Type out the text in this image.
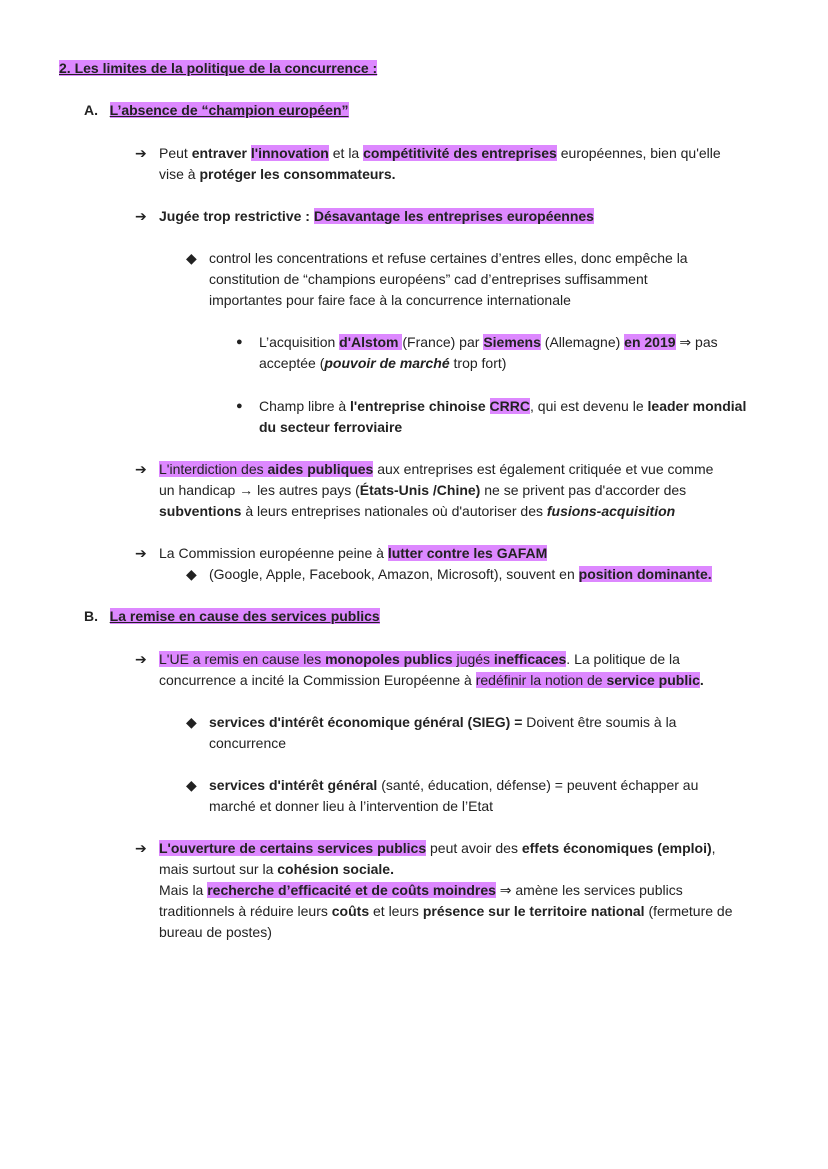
2. Les limites de la politique de la concurrence :
A. L’absence de “champion européen”
➔ Peut entraver l'innovation et la compétitivité des entreprises européennes, bien qu'elle
vise à protéger les consommateurs.
➔ Jugée trop restrictive : Désavantage les entreprises européennes
◆ control les concentrations et refuse certaines d’entres elles, donc empêche la
constitution de “champions européens” cad d’entreprises suffisamment
importantes pour faire face à la concurrence internationale
● L’acquisition d'Alstom (France) par Siemens (Allemagne) en 2019 ⇒ pas
acceptée (pouvoir de marché trop fort)
● Champ libre à l'entreprise chinoise CRRC, qui est devenu le leader mondial
du secteur ferroviaire
➔ L'interdiction des aides publiques aux entreprises est également critiquée et vue comme
un handicap → les autres pays (États-Unis /Chine) ne se privent pas d'accorder des
subventions à leurs entreprises nationales où d'autoriser des fusions-acquisition
➔ La Commission européenne peine à lutter contre les GAFAM
◆ (Google, Apple, Facebook, Amazon, Microsoft), souvent en position dominante.
B. La remise en cause des services publics
➔ L'UE a remis en cause les monopoles publics jugés inefficaces. La politique de la
concurrence a incité la Commission Européenne à redéfinir la notion de service public.
◆ services d'intérêt économique général (SIEG) = Doivent être soumis à la
concurrence
◆ services d'intérêt général (santé, éducation, défense) = peuvent échapper au
marché et donner lieu à l’intervention de l’Etat
➔ L'ouverture de certains services publics peut avoir des effets économiques (emploi),
mais surtout sur la cohésion sociale.
Mais la recherche d’efficacité et de coûts moindres ⇒ amène les services publics
traditionnels à réduire leurs coûts et leurs présence sur le territoire national (fermeture de
bureau de postes)
